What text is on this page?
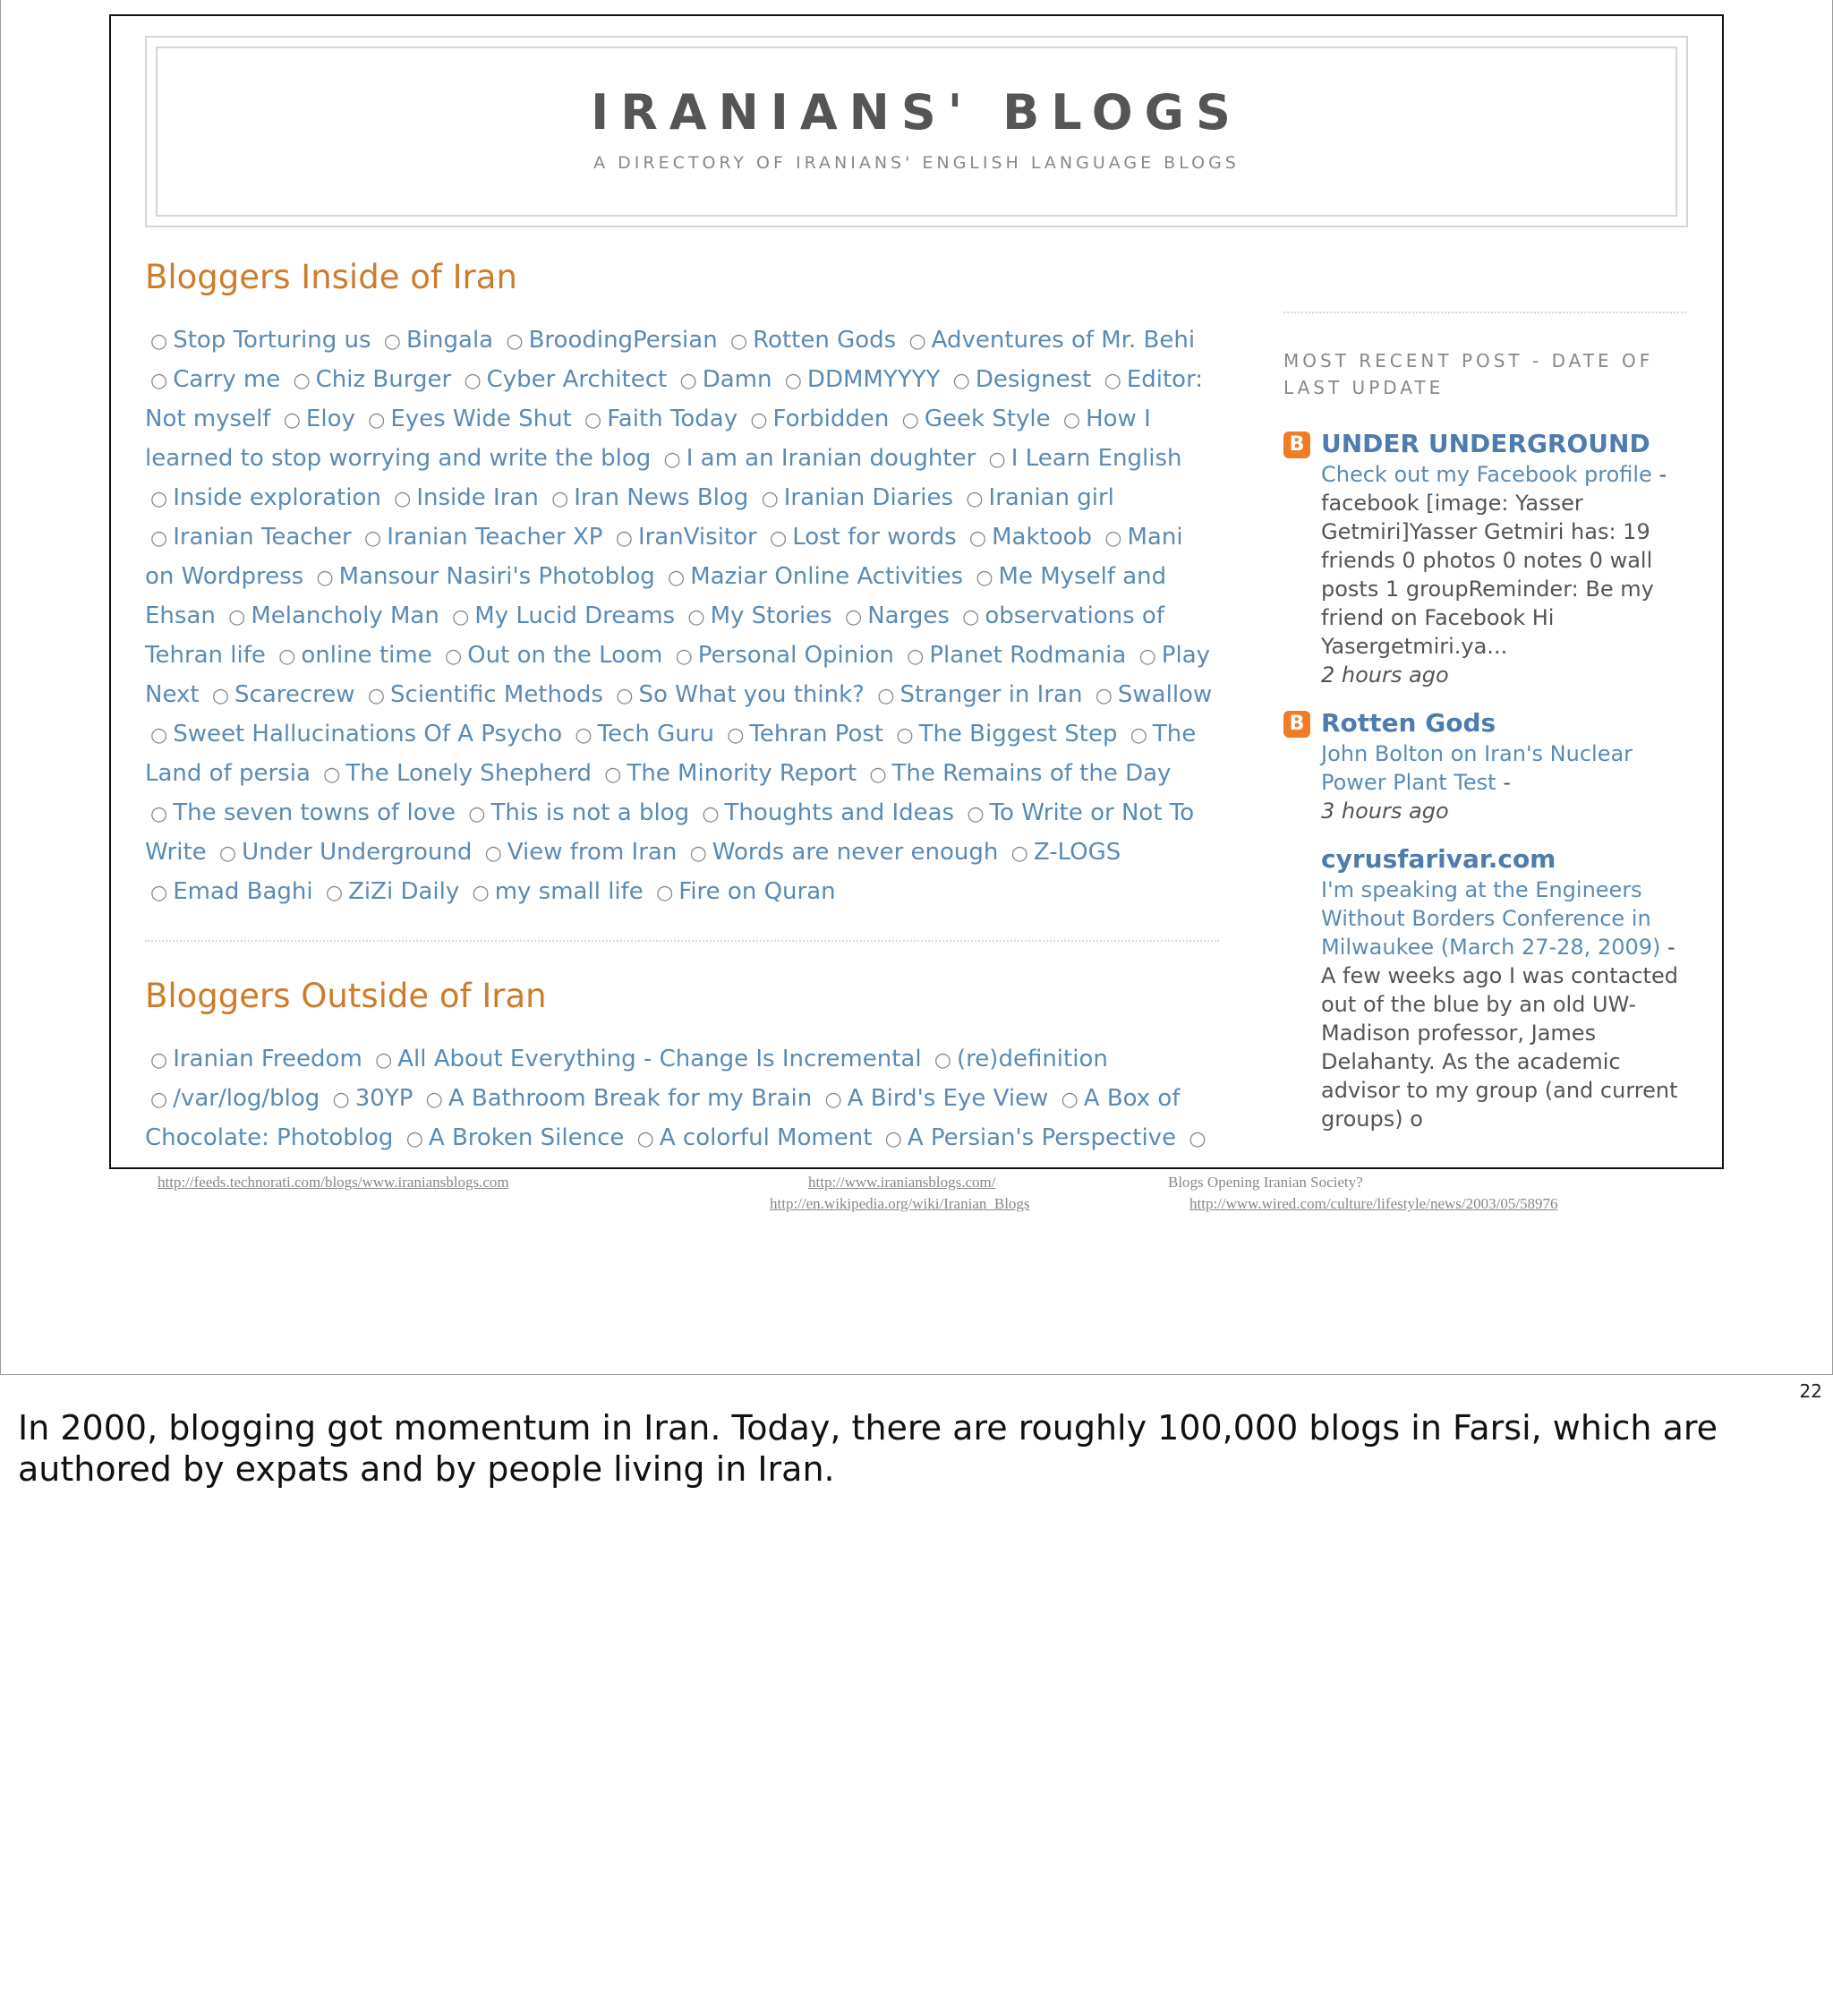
IRANIANS' BLOGS
A DIRECTORY OF IRANIANS' ENGLISH LANGUAGE BLOGS
Bloggers Inside of Iran
○ Stop Torturing us ○ Bingala ○ BroodingPersian ○ Rotten Gods ○ Adventures of Mr. Behi ○ Carry me ○ Chiz Burger ○ Cyber Architect ○ Damn ○ DDMMYYYY ○ Designest ○ Editor: Not myself ○ Eloy ○ Eyes Wide Shut ○ Faith Today ○ Forbidden ○ Geek Style ○ How I learned to stop worrying and write the blog ○ I am an Iranian doughter ○ I Learn English ○ Inside exploration ○ Inside Iran ○ Iran News Blog ○ Iranian Diaries ○ Iranian girl ○ Iranian Teacher ○ Iranian Teacher XP ○ IranVisitor ○ Lost for words ○ Maktoob ○ Mani on Wordpress ○ Mansour Nasiri's Photoblog ○ Maziar Online Activities ○ Me Myself and Ehsan ○ Melancholy Man ○ My Lucid Dreams ○ My Stories ○ Narges ○ observations of Tehran life ○ online time ○ Out on the Loom ○ Personal Opinion ○ Planet Rodmania ○ Play Next ○ Scarecrew ○ Scientific Methods ○ So What you think? ○ Stranger in Iran ○ Swallow ○ Sweet Hallucinations Of A Psycho ○ Tech Guru ○ Tehran Post ○ The Biggest Step ○ The Land of persia ○ The Lonely Shepherd ○ The Minority Report ○ The Remains of the Day ○ The seven towns of love ○ This is not a blog ○ Thoughts and Ideas ○ To Write or Not To Write ○ Under Underground ○ View from Iran ○ Words are never enough ○ Z-LOGS ○ Emad Baghi ○ ZiZi Daily ○ my small life ○ Fire on Quran
Bloggers Outside of Iran
○ Iranian Freedom ○ All About Everything - Change Is Incremental ○ (re)definition ○ /var/log/blog ○ 30YP ○ A Bathroom Break for my Brain ○ A Bird's Eye View ○ A Box of Chocolate: Photoblog ○ A Broken Silence ○ A colorful Moment ○ A Persian's Perspective ○
MOST RECENT POST - DATE OF LAST UPDATE
B UNDER UNDERGROUND
Check out my Facebook profile - facebook [image: Yasser Getmiri]Yasser Getmiri has: 19 friends 0 photos 0 notes 0 wall posts 1 groupReminder: Be my friend on Facebook Hi Yasergetmiri.ya...
2 hours ago
B Rotten Gods
John Bolton on Iran's Nuclear Power Plant Test -
3 hours ago
cyrusfarivar.com
I'm speaking at the Engineers Without Borders Conference in Milwaukee (March 27-28, 2009) - A few weeks ago I was contacted out of the blue by an old UW-Madison professor, James Delahanty. As the academic advisor to my group (and current groups) o
http://feeds.technorati.com/blogs/www.iraniansblogs.com	http://www.iraniansblogs.com/
http://en.wikipedia.org/wiki/Iranian_Blogs
Blogs Opening Iranian Society?
http://www.wired.com/culture/lifestyle/news/2003/05/58976
22
In 2000, blogging got momentum in Iran. Today, there are roughly 100,000 blogs in Farsi, which are authored by expats and by people living in Iran.
